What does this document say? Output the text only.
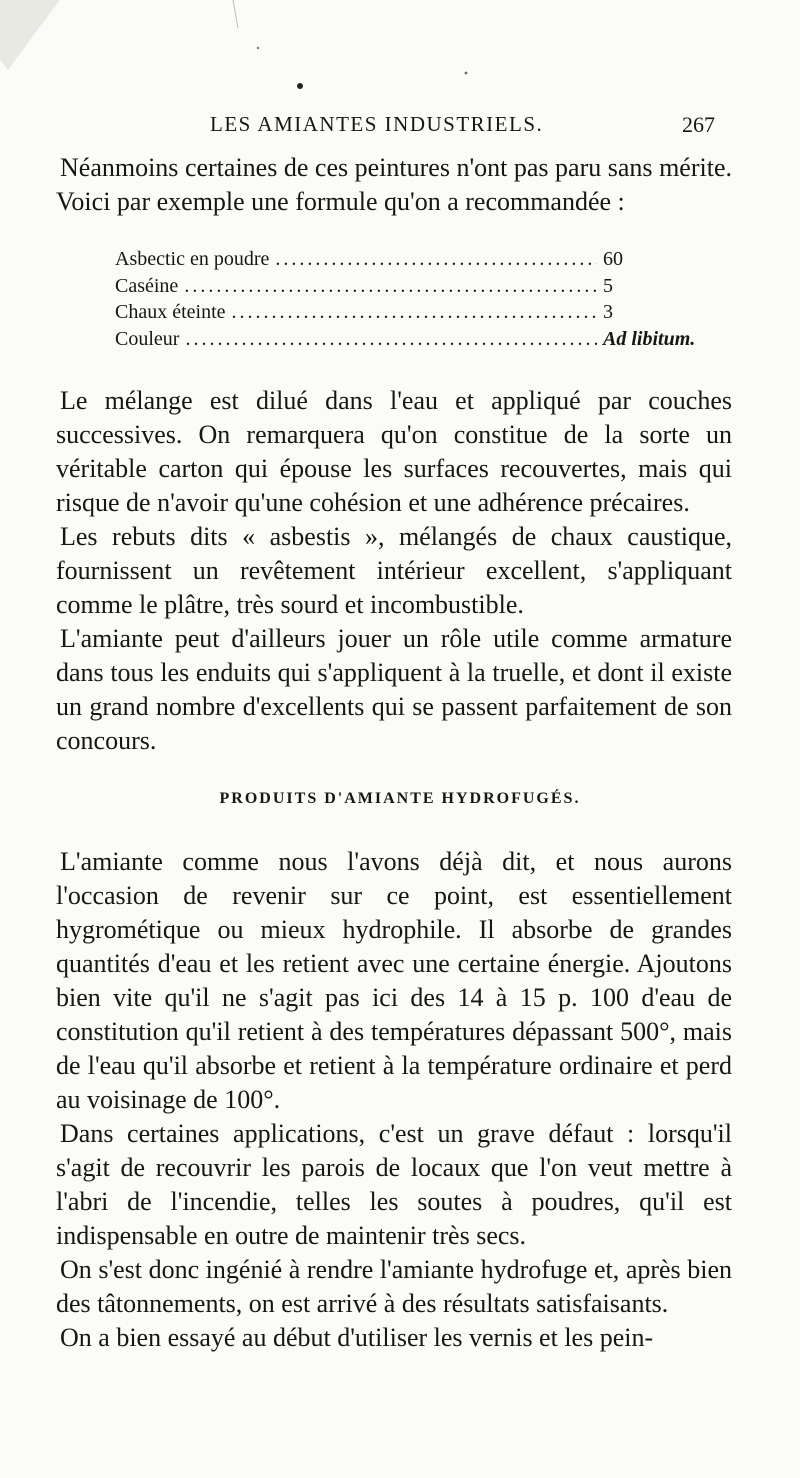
LES AMIANTES INDUSTRIELS.	267

Néanmoins certaines de ces peintures n'ont pas paru sans mérite. Voici par exemple une formule qu'on a recommandée :

Asbectic en poudre .....	60
Caséine .....	5
Chaux éteinte .....	3
Couleur .....	Ad libitum.

Le mélange est dilué dans l'eau et appliqué par couches successives. On remarquera qu'on constitue de la sorte un véritable carton qui épouse les surfaces recouvertes, mais qui risque de n'avoir qu'une cohésion et une adhérence précaires.

Les rebuts dits « asbestis », mélangés de chaux caustique, fournissent un revêtement intérieur excellent, s'appliquant comme le plâtre, très sourd et incombustible.

L'amiante peut d'ailleurs jouer un rôle utile comme armature dans tous les enduits qui s'appliquent à la truelle, et dont il existe un grand nombre d'excellents qui se passent parfaitement de son concours.

PRODUITS D'AMIANTE HYDROFUGÉS.

L'amiante comme nous l'avons déjà dit, et nous aurons l'occasion de revenir sur ce point, est essentiellement hygrométique ou mieux hydrophile. Il absorbe de grandes quantités d'eau et les retient avec une certaine énergie. Ajoutons bien vite qu'il ne s'agit pas ici des 14 à 15 p. 100 d'eau de constitution qu'il retient à des températures dépassant 500°, mais de l'eau qu'il absorbe et retient à la température ordinaire et perd au voisinage de 100°.

Dans certaines applications, c'est un grave défaut : lorsqu'il s'agit de recouvrir les parois de locaux que l'on veut mettre à l'abri de l'incendie, telles les soutes à poudres, qu'il est indispensable en outre de maintenir très secs.

On s'est donc ingénié à rendre l'amiante hydrofuge et, après bien des tâtonnements, on est arrivé à des résultats satisfaisants.

On a bien essayé au début d'utiliser les vernis et les pein-
